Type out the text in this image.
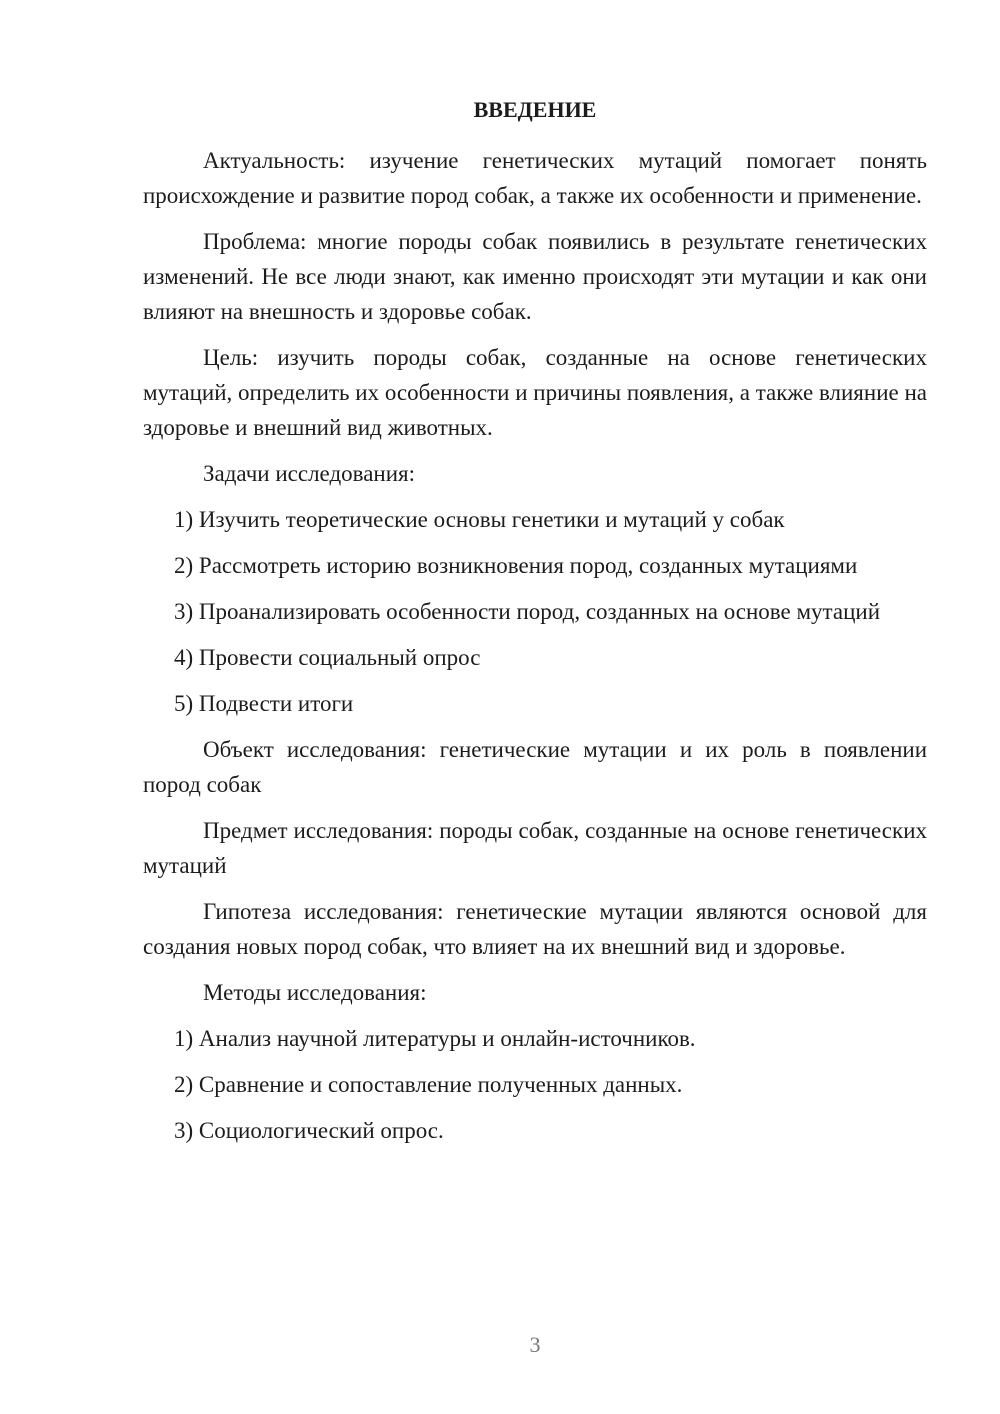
ВВЕДЕНИЕ

Актуальность: изучение генетических мутаций помогает понять происхождение и развитие пород собак, а также их особенности и применение.

Проблема: многие породы собак появились в результате генетических изменений. Не все люди знают, как именно происходят эти мутации и как они влияют на внешность и здоровье собак.

Цель: изучить породы собак, созданные на основе генетических мутаций, определить их особенности и причины появления, а также влияние на здоровье и внешний вид животных.

Задачи исследования:

1) Изучить теоретические основы генетики и мутаций у собак

2) Рассмотреть историю возникновения пород, созданных мутациями

3) Проанализировать особенности пород, созданных на основе мутаций

4) Провести социальный опрос

5) Подвести итоги

Объект исследования: генетические мутации и их роль в появлении пород собак

Предмет исследования: породы собак, созданные на основе генетических мутаций

Гипотеза исследования: генетические мутации являются основой для создания новых пород собак, что влияет на их внешний вид и здоровье.

Методы исследования:

1) Анализ научной литературы и онлайн-источников.

2) Сравнение и сопоставление полученных данных.

3) Социологический опрос.

3
